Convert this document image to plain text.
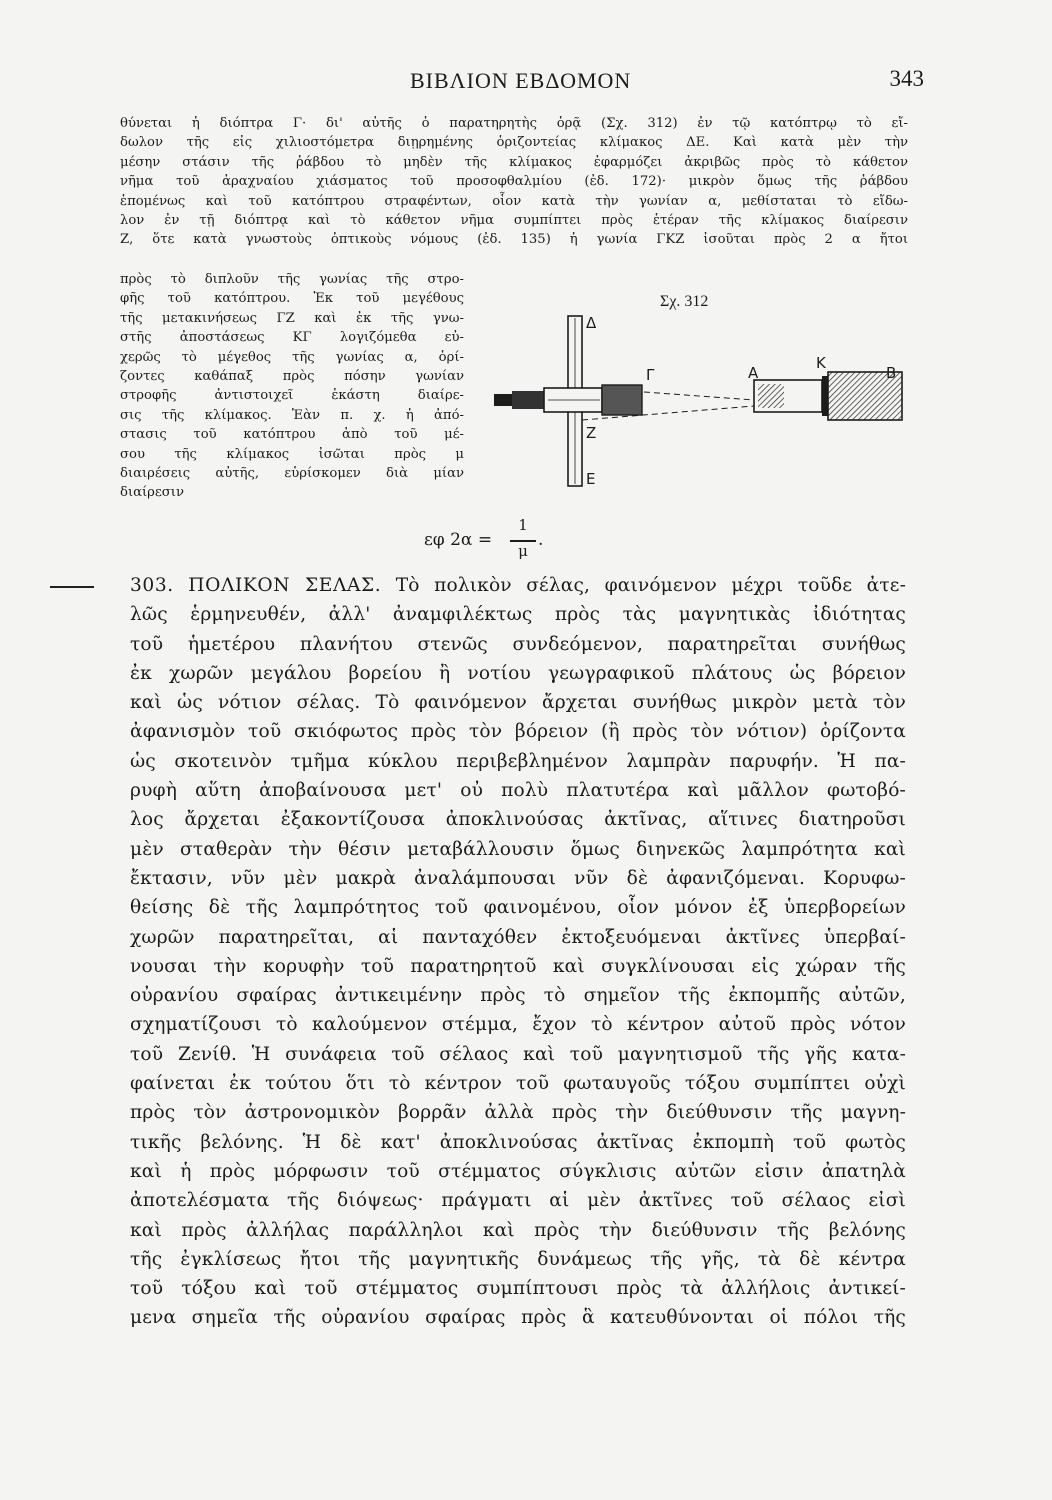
ΒΙΒΛΙΟΝ ΕΒΔΟΜΟΝ	343
θύνεται ἡ διόπτρα Γ· δι' αὐτῆς ὁ παρατηρητὴς ὁρᾷ (Σχ. 312) ἐν τῷ κατόπτρῳ τὸ εἴ-
δωλον τῆς εἰς χιλιοστόμετρα διῃρημένης ὁριζοντείας κλίμακος ΔΕ. Καὶ κατὰ μὲν τὴν
μέσην στάσιν τῆς ῥάβδου τὸ μηδὲν τῆς κλίμακος ἐφαρμόζει ἀκριβῶς πρὸς τὸ κάθετον
νῆμα τοῦ ἀραχναίου χιάσματος τοῦ προσοφθαλμίου (ἐδ. 172)· μικρὸν ὅμως τῆς ῥάβδου
ἑπομένως καὶ τοῦ κατόπτρου στραφέντων, οἷον κατὰ τὴν γωνίαν α, μεθίσταται τὸ εἴδω-
λον ἐν τῇ διόπτρᾳ καὶ τὸ κάθετον νῆμα συμπίπτει πρὸς ἑτέραν τῆς κλίμακος διαίρεσιν
Ζ, ὅτε κατὰ γνωστοὺς ὀπτικοὺς νόμους (ἐδ. 135) ἡ γωνία ΓΚΖ ἰσοῦται πρὸς 2 α ἤτοι
πρὸς τὸ διπλοῦν τῆς γωνίας τῆς στρο-
φῆς τοῦ κατόπτρου. Ἐκ τοῦ μεγέθους
τῆς μετακινήσεως ΓΖ καὶ ἐκ τῆς γνω-
στῆς ἀποστάσεως ΚΓ λογιζόμεθα εὐ-
χερῶς τὸ μέγεθος τῆς γωνίας α, ὁρί-
ζοντες καθάπαξ πρὸς πόσην γωνίαν
στροφῆς ἀντιστοιχεῖ ἑκάστη διαίρε-
σις τῆς κλίμακος. Ἐὰν π. χ. ἡ ἀπό-
στασις τοῦ κατόπτρου ἀπὸ τοῦ μέ-
σου τῆς κλίμακος ἰσῶται πρὸς μ
διαιρέσεις αὐτῆς, εὑρίσκομεν διὰ μίαν
διαίρεσιν
Σχ. 312
Δ
Γ	Α
Κ
Β
Ζ
Ε
εφ 2α =
1
μ
.
303. ΠΟΛΙΚΟΝ ΣΕΛΑΣ. Τὸ πολικὸν σέλας, φαινόμενον μέχρι τοῦδε ἀτε-
λῶς ἑρμηνευθέν, ἀλλ' ἀναμφιλέκτως πρὸς τὰς μαγνητικὰς ἰδιότητας
τοῦ ἡμετέρου πλανήτου στενῶς συνδεόμενον, παρατηρεῖται συνήθως
ἐκ χωρῶν μεγάλου βορείου ἢ νοτίου γεωγραφικοῦ πλάτους ὡς βόρειον
καὶ ὡς νότιον σέλας. Τὸ φαινόμενον ἄρχεται συνήθως μικρὸν μετὰ τὸν
ἀφανισμὸν τοῦ σκιόφωτος πρὸς τὸν βόρειον (ἢ πρὸς τὸν νότιον) ὁρίζοντα
ὡς σκοτεινὸν τμῆμα κύκλου περιβεβλημένον λαμπρὰν παρυφήν. Ἡ πα-
ρυφὴ αὕτη ἀποβαίνουσα μετ' οὐ πολὺ πλατυτέρα καὶ μᾶλλον φωτοβό-
λος ἄρχεται ἐξακοντίζουσα ἀποκλινούσας ἀκτῖνας, αἵτινες διατηροῦσι
μὲν σταθερὰν τὴν θέσιν μεταβάλλουσιν ὅμως διηνεκῶς λαμπρότητα καὶ
ἔκτασιν, νῦν μὲν μακρὰ ἀναλάμπουσαι νῦν δὲ ἀφανιζόμεναι. Κορυφω-
θείσης δὲ τῆς λαμπρότητος τοῦ φαινομένου, οἷον μόνον ἐξ ὑπερβορείων
χωρῶν παρατηρεῖται, αἱ πανταχόθεν ἐκτοξευόμεναι ἀκτῖνες ὑπερβαί-
νουσαι τὴν κορυφὴν τοῦ παρατηρητοῦ καὶ συγκλίνουσαι εἰς χώραν τῆς
οὐρανίου σφαίρας ἀντικειμένην πρὸς τὸ σημεῖον τῆς ἐκπομπῆς αὐτῶν,
σχηματίζουσι τὸ καλούμενον στέμμα, ἔχον τὸ κέντρον αὐτοῦ πρὸς νότον
τοῦ Ζενίθ. Ἡ συνάφεια τοῦ σέλαος καὶ τοῦ μαγνητισμοῦ τῆς γῆς κατα-
φαίνεται ἐκ τούτου ὅτι τὸ κέντρον τοῦ φωταυγοῦς τόξου συμπίπτει οὐχὶ
πρὸς τὸν ἀστρονομικὸν βορρᾶν ἀλλὰ πρὸς τὴν διεύθυνσιν τῆς μαγνη-
τικῆς βελόνης. Ἡ δὲ κατ' ἀποκλινούσας ἀκτῖνας ἐκπομπὴ τοῦ φωτὸς
καὶ ἡ πρὸς μόρφωσιν τοῦ στέμματος σύγκλισις αὐτῶν εἰσιν ἀπατηλὰ
ἀποτελέσματα τῆς διόψεως· πράγματι αἱ μὲν ἀκτῖνες τοῦ σέλαος εἰσὶ
καὶ πρὸς ἀλλήλας παράλληλοι καὶ πρὸς τὴν διεύθυνσιν τῆς βελόνης
τῆς ἐγκλίσεως ἤτοι τῆς μαγνητικῆς δυνάμεως τῆς γῆς, τὰ δὲ κέντρα
τοῦ τόξου καὶ τοῦ στέμματος συμπίπτουσι πρὸς τὰ ἀλλήλοις ἀντικεί-
μενα σημεῖα τῆς οὐρανίου σφαίρας πρὸς ἃ κατευθύνονται οἱ πόλοι τῆς
